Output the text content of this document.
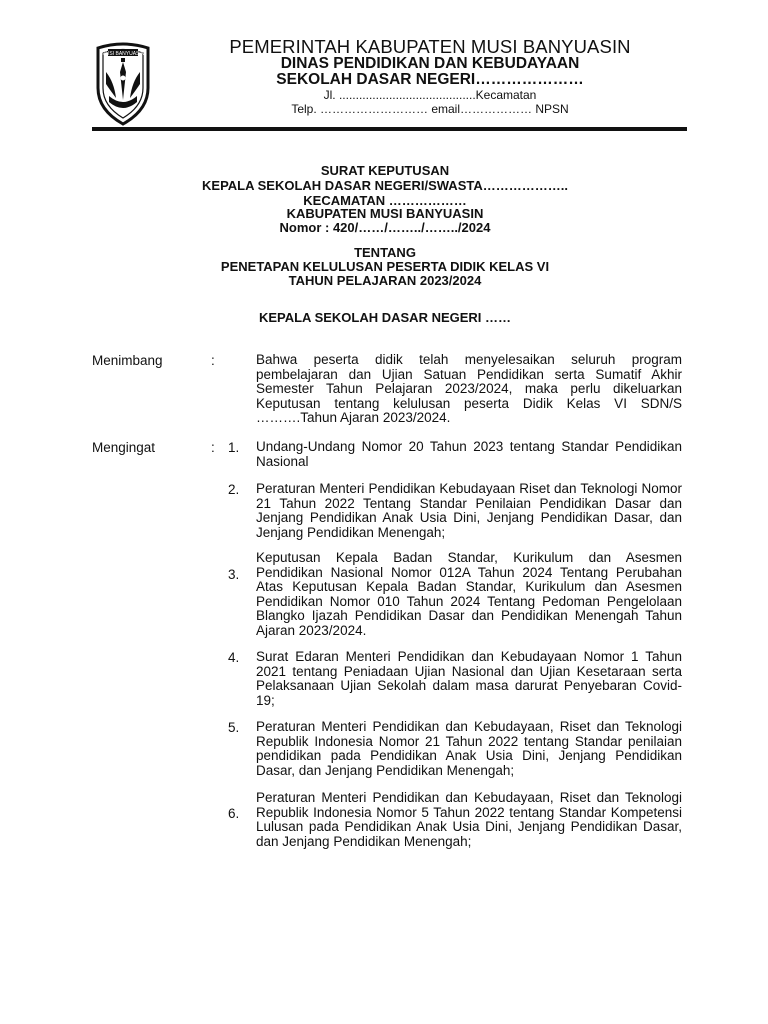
MUSI BANYUASIN	PEMERINTAH KABUPATEN MUSI BANYUASIN
DINAS PENDIDIKAN DAN KEBUDAYAAN
SEKOLAH DASAR NEGERI…………………
Jl. .........................................Kecamatan
Telp. ……………………… email……………… NPSN
SURAT KEPUTUSAN
KEPALA SEKOLAH DASAR NEGERI/SWASTA………………..
KECAMATAN ………………
KABUPATEN MUSI BANYUASIN
Nomor : 420/……/……../……../2024
TENTANG
PENETAPAN KELULUSAN PESERTA DIDIK KELAS VI
TAHUN PELAJARAN 2023/2024
KEPALA SEKOLAH DASAR NEGERI ……
Menimbang	:	Bahwa peserta didik telah menyelesaikan seluruh program pembelajaran dan Ujian Satuan Pendidikan serta Sumatif Akhir Semester Tahun Pelajaran 2023/2024, maka perlu dikeluarkan Keputusan tentang kelulusan peserta Didik Kelas VI SDN/S ……….Tahun Ajaran 2023/2024.
Mengingat	: 1. Undang-Undang Nomor 20 Tahun 2023 tentang Standar Pendidikan Nasional
2. Peraturan Menteri Pendidikan Kebudayaan Riset dan Teknologi Nomor 21 Tahun 2022 Tentang Standar Penilaian Pendidikan Dasar dan Jenjang Pendidikan Anak Usia Dini, Jenjang Pendidikan Dasar, dan Jenjang Pendidikan Menengah;
3.
Keputusan Kepala Badan Standar, Kurikulum dan Asesmen Pendidikan Nasional Nomor 012A Tahun 2024 Tentang Perubahan Atas Keputusan Kepala Badan Standar, Kurikulum dan Asesmen Pendidikan Nomor 010 Tahun 2024 Tentang Pedoman Pengelolaan Blangko Ijazah Pendidikan Dasar dan Pendidikan Menengah Tahun Ajaran 2023/2024.
4. Surat Edaran Menteri Pendidikan dan Kebudayaan Nomor 1 Tahun 2021 tentang Peniadaan Ujian Nasional dan Ujian Kesetaraan serta Pelaksanaan Ujian Sekolah dalam masa darurat Penyebaran Covid-19;
5. Peraturan Menteri Pendidikan dan Kebudayaan, Riset dan Teknologi Republik Indonesia Nomor 21 Tahun 2022 tentang Standar penilaian pendidikan pada Pendidikan Anak Usia Dini, Jenjang Pendidikan Dasar, dan Jenjang Pendidikan Menengah;
6.
Peraturan Menteri Pendidikan dan Kebudayaan, Riset dan Teknologi Republik Indonesia Nomor 5 Tahun 2022 tentang Standar Kompetensi Lulusan pada Pendidikan Anak Usia Dini, Jenjang Pendidikan Dasar, dan Jenjang Pendidikan Menengah;
